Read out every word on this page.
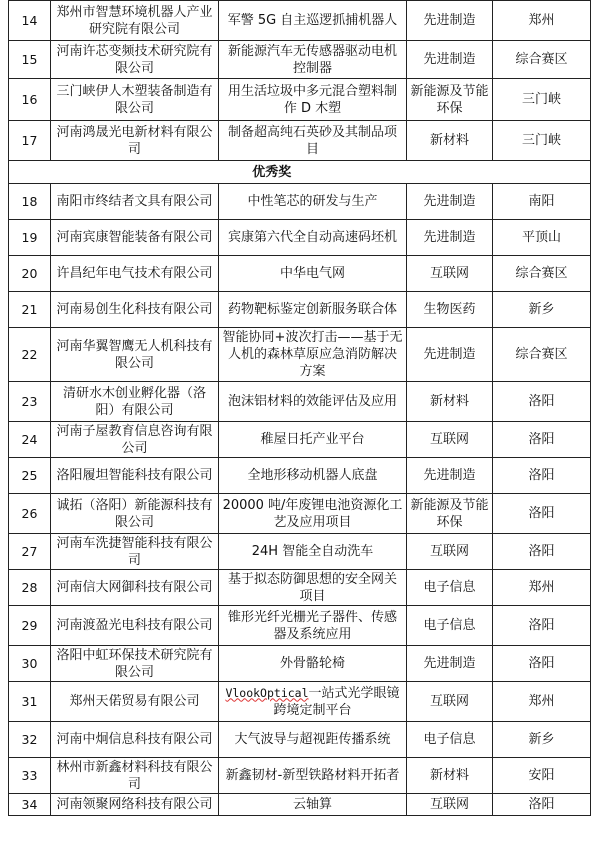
14	郑州市智慧环境机器人产业研究院有限公司	军警 5G 自主巡逻抓捕机器人	先进制造	郑州
15	河南许芯变频技术研究院有限公司	新能源汽车无传感器驱动电机控制器	先进制造	综合赛区
16	三门峡伊人木塑装备制造有限公司	用生活垃圾中多元混合塑料制作 D 木塑	新能源及节能环保	三门峡
17	河南鸿晟光电新材料有限公司	制备超高纯石英砂及其制品项目	新材料	三门峡
	优秀奖			
18	南阳市终结者文具有限公司	中性笔芯的研发与生产	先进制造	南阳
19	河南宾康智能装备有限公司	宾康第六代全自动高速码坯机	先进制造	平顶山
20	许昌纪年电气技术有限公司	中华电气网	互联网	综合赛区
21	河南易创生化科技有限公司	药物靶标鉴定创新服务联合体	生物医药	新乡
22	河南华翼智鹰无人机科技有限公司	智能协同+波次打击——基于无人机的森林草原应急消防解决方案	先进制造	综合赛区
23	清研水木创业孵化器（洛阳）有限公司	泡沫铝材料的效能评估及应用	新材料	洛阳
24	河南子屋教育信息咨询有限公司	稚屋日托产业平台	互联网	洛阳
25	洛阳履坦智能科技有限公司	全地形移动机器人底盘	先进制造	洛阳
26	诚拓（洛阳）新能源科技有限公司	20000 吨/年废锂电池资源化工艺及应用项目	新能源及节能环保	洛阳
27	河南车洗捷智能科技有限公司	24H 智能全自动洗车	互联网	洛阳
28	河南信大网御科技有限公司	基于拟态防御思想的安全网关项目	电子信息	郑州
29	河南渡盈光电科技有限公司	锥形光纤光栅光子器件、传感器及系统应用	电子信息	洛阳
30	洛阳中虹环保技术研究院有限公司	外骨骼轮椅	先进制造	洛阳
31	郑州天偌贸易有限公司	VlookOptical一站式光学眼镜跨境定制平台	互联网	郑州
32	河南中炯信息科技有限公司	大气波导与超视距传播系统	电子信息	新乡
33	林州市新鑫材料科技有限公司	新鑫韧材-新型铁路材料开拓者	新材料	安阳
34	河南领聚网络科技有限公司	云轴算	互联网	洛阳
